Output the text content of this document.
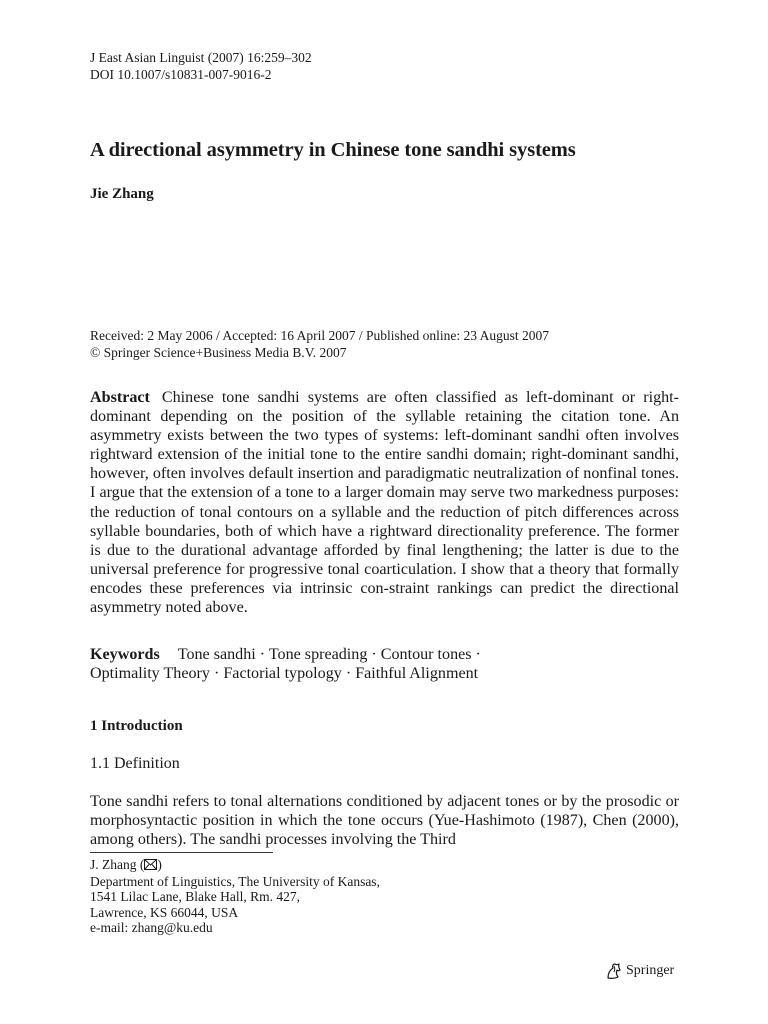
J East Asian Linguist (2007) 16:259–302
DOI 10.1007/s10831-007-9016-2
A directional asymmetry in Chinese tone sandhi systems
Jie Zhang
Received: 2 May 2006 / Accepted: 16 April 2007 / Published online: 23 August 2007
© Springer Science+Business Media B.V. 2007
Abstract Chinese tone sandhi systems are often classified as left-dominant or right-dominant depending on the position of the syllable retaining the citation tone. An asymmetry exists between the two types of systems: left-dominant sandhi often involves rightward extension of the initial tone to the entire sandhi domain; right-dominant sandhi, however, often involves default insertion and paradigmatic neutralization of nonfinal tones. I argue that the extension of a tone to a larger domain may serve two markedness purposes: the reduction of tonal contours on a syllable and the reduction of pitch differences across syllable boundaries, both of which have a rightward directionality preference. The former is due to the durational advantage afforded by final lengthening; the latter is due to the universal preference for progressive tonal coarticulation. I show that a theory that formally encodes these preferences via intrinsic con-straint rankings can predict the directional asymmetry noted above.
Keywords Tone sandhi · Tone spreading · Contour tones ·
Optimality Theory · Factorial typology · Faithful Alignment
1 Introduction
1.1 Definition
Tone sandhi refers to tonal alternations conditioned by adjacent tones or by the prosodic or morphosyntactic position in which the tone occurs (Yue-Hashimoto (1987), Chen (2000), among others). The sandhi processes involving the Third
J. Zhang ( )
Department of Linguistics, The University of Kansas,
1541 Lilac Lane, Blake Hall, Rm. 427,
Lawrence, KS 66044, USA
e-mail: zhang@ku.edu
Springer
